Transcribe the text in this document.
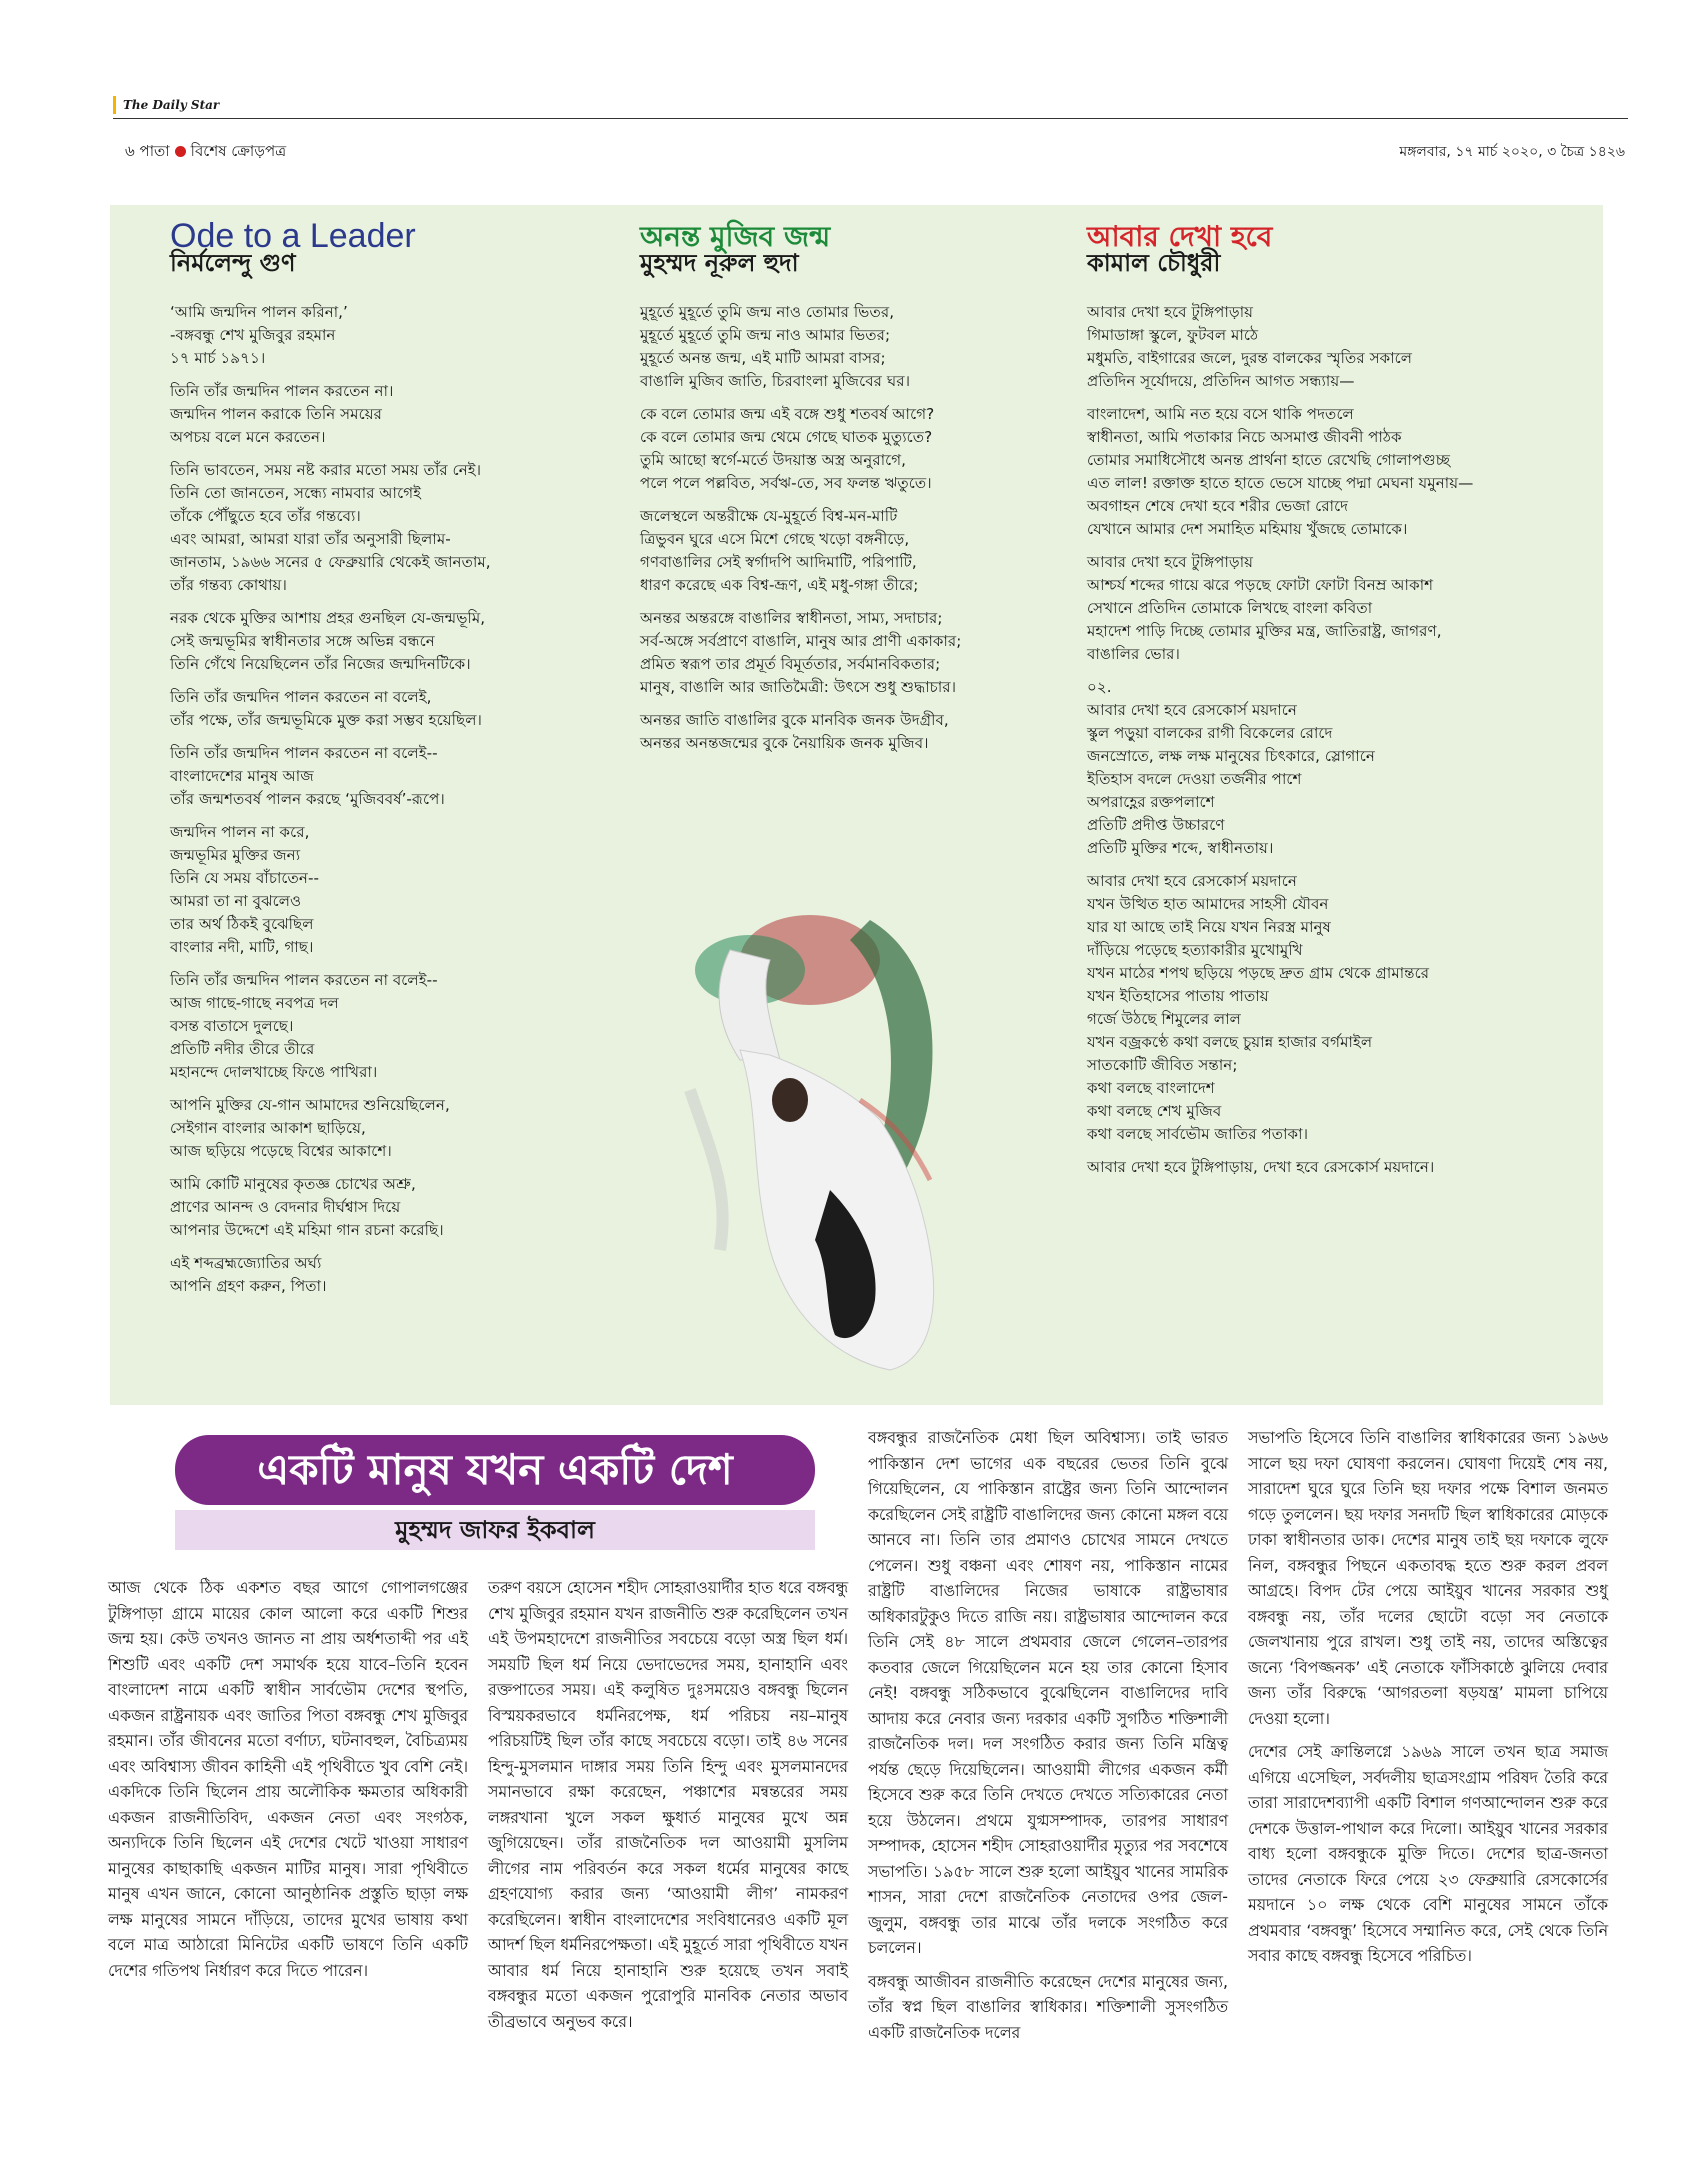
The Daily Star
৬ পাতা বিশেষ ক্রোড়পত্র	মঙ্গলবার, ১৭ মার্চ ২০২০, ৩ চৈত্র ১৪২৬

Ode to a Leader

নির্মলেন্দু গুণ

‘আমি জন্মদিন পালন করিনা,’
-বঙ্গবন্ধু শেখ মুজিবুর রহমান
১৭ মার্চ ১৯৭১।

তিনি তাঁর জন্মদিন পালন করতেন না।
জন্মদিন পালন করাকে তিনি সময়ের
অপচয় বলে মনে করতেন।

তিনি ভাবতেন, সময় নষ্ট করার মতো সময় তাঁর নেই।
তিনি তো জানতেন, সন্ধ্যে নামবার আগেই
তাঁকে পৌঁছুতে হবে তাঁর গন্তব্যে।
এবং আমরা, আমরা যারা তাঁর অনুসারী ছিলাম-
জানতাম, ১৯৬৬ সনের ৫ ফেব্রুয়ারি থেকেই জানতাম,
তাঁর গন্তব্য কোথায়।

নরক থেকে মুক্তির আশায় প্রহর গুনছিল যে-জন্মভূমি,
সেই জন্মভূমির স্বাধীনতার সঙ্গে অভিন্ন বন্ধনে
তিনি গেঁথে নিয়েছিলেন তাঁর নিজের জন্মদিনটিকে।

তিনি তাঁর জন্মদিন পালন করতেন না বলেই,
তাঁর পক্ষে, তাঁর জন্মভূমিকে মুক্ত করা সম্ভব হয়েছিল।

তিনি তাঁর জন্মদিন পালন করতেন না বলেই--
বাংলাদেশের মানুষ আজ
তাঁর জন্মশতবর্ষ পালন করছে ‘মুজিববর্ষ’-রূপে।

জন্মদিন পালন না করে,
জন্মভূমির মুক্তির জন্য
তিনি যে সময় বাঁচাতেন--
আমরা তা না বুঝলেও
তার অর্থ ঠিকই বুঝেছিল
বাংলার নদী, মাটি, গাছ।

তিনি তাঁর জন্মদিন পালন করতেন না বলেই--
আজ গাছে-গাছে নবপত্র দল
বসন্ত বাতাসে দুলছে।
প্রতিটি নদীর তীরে তীরে
মহানন্দে দোলখাচ্ছে ফিঙে পাখিরা।

আপনি মুক্তির যে-গান আমাদের শুনিয়েছিলেন,
সেইগান বাংলার আকাশ ছাড়িয়ে,
আজ ছড়িয়ে পড়েছে বিশ্বের আকাশে।

আমি কোটি মানুষের কৃতজ্ঞ চোখের অশ্রু,
প্রাণের আনন্দ ও বেদনার দীর্ঘশ্বাস দিয়ে
আপনার উদ্দেশে এই মহিমা গান রচনা করেছি।

এই শব্দব্রহ্মজ্যোতির অর্ঘ্য
আপনি গ্রহণ করুন, পিতা।

অনন্ত মুজিব জন্ম

মুহম্মদ নূরুল হুদা

মুহূর্তে মুহূর্তে তুমি জন্ম নাও তোমার ভিতর,
মুহূর্তে মুহূর্তে তুমি জন্ম নাও আমার ভিতর;
মুহূর্তে অনন্ত জন্ম, এই মাটি আমরা বাসর;
বাঙালি মুজিব জাতি, চিরবাংলা মুজিবের ঘর।

কে বলে তোমার জন্ম এই বঙ্গে শুধু শতবর্ষ আগে?
কে বলে তোমার জন্ম থেমে গেছে ঘাতক মুত্যুতে?
তুমি আছো স্বর্গে-মর্তে উদয়াস্ত অস্ত্র অনুরাগে,
পলে পলে পল্লবিত, সর্বঋ-তে, সব ফলন্ত ঋতুতে।

জলেস্থলে অন্তরীক্ষে যে-মুহূর্তে বিশ্ব-মন-মাটি
ত্রিভুবন ঘুরে এসে মিশে গেছে খড়ো বঙ্গনীড়ে,
গণবাঙালির সেই স্বর্গাদপি আদিমাটি, পরিপাটি,
ধারণ করেছে এক বিশ্ব-ভ্রূণ, এই মধু-গঙ্গা তীরে;

অনন্তর অন্তরঙ্গে বাঙালির স্বাধীনতা, সাম্য, সদাচার;
সর্ব-অঙ্গে সর্বপ্রাণে বাঙালি, মানুষ আর প্রাণী একাকার;
প্রমিত স্বরূপ তার প্রমূর্ত বিমূর্ততার, সর্বমানবিকতার;
মানুষ, বাঙালি আর জাতিমৈত্রী: উৎসে শুধু শুদ্ধাচার।

অনন্তর জাতি বাঙালির বুকে মানবিক জনক উদগ্রীব,
অনন্তর অনন্তজন্মের বুকে নৈয়ায়িক জনক মুজিব।

আবার দেখা হবে

কামাল চৌধুরী

আবার দেখা হবে টুঙ্গিপাড়ায়
গিমাডাঙ্গা স্কুলে, ফুটবল মাঠে
মধুমতি, বাইগারের জলে, দুরন্ত বালকের স্মৃতির সকালে
প্রতিদিন সূর্যোদয়ে, প্রতিদিন আগত সন্ধ্যায়—

বাংলাদেশ, আমি নত হয়ে বসে থাকি পদতলে
স্বাধীনতা, আমি পতাকার নিচে অসমাপ্ত জীবনী পাঠক
তোমার সমাধিসৌধে অনন্ত প্রার্থনা হাতে রেখেছি গোলাপগুচ্ছ
এত লাল! রক্তাক্ত হাতে হাতে ভেসে যাচ্ছে পদ্মা মেঘনা যমুনায়—
অবগাহন শেষে দেখা হবে শরীর ভেজা রোদে
যেখানে আমার দেশ সমাহিত মহিমায় খুঁজছে তোমাকে।

আবার দেখা হবে টুঙ্গিপাড়ায়
আশ্চর্য শব্দের গায়ে ঝরে পড়ছে ফোটা ফোটা বিনম্র আকাশ
সেখানে প্রতিদিন তোমাকে লিখছে বাংলা কবিতা
মহাদেশ পাড়ি দিচ্ছে তোমার মুক্তির মন্ত্র, জাতিরাষ্ট্র, জাগরণ,
বাঙালির ভোর।

০২.
আবার দেখা হবে রেসকোর্স ময়দানে
স্কুল পড়ুয়া বালকের রাগী বিকেলের রোদে
জনস্রোতে, লক্ষ লক্ষ মানুষের চিৎকারে, স্লোগানে
ইতিহাস বদলে দেওয়া তর্জনীর পাশে
অপরাহ্ণের রক্তপলাশে
প্রতিটি প্রদীপ্ত উচ্চারণে
প্রতিটি মুক্তির শব্দে, স্বাধীনতায়।

আবার দেখা হবে রেসকোর্স ময়দানে
যখন উত্থিত হাত আমাদের সাহসী যৌবন
যার যা আছে তাই নিয়ে যখন নিরস্ত্র মানুষ
দাঁড়িয়ে পড়েছে হত্যাকারীর মুখোমুখি
যখন মাঠের শপথ ছড়িয়ে পড়ছে দ্রুত গ্রাম থেকে গ্রামান্তরে
যখন ইতিহাসের পাতায় পাতায়
গর্জে উঠছে শিমুলের লাল
যখন বজ্রকণ্ঠে কথা বলছে চুয়ান্ন হাজার বর্গমাইল
সাতকোটি জীবিত সন্তান;
কথা বলছে বাংলাদেশ
কথা বলছে শেখ মুজিব
কথা বলছে সার্বভৌম জাতির পতাকা।

আবার দেখা হবে টুঙ্গিপাড়ায়, দেখা হবে রেসকোর্স ময়দানে।

একটি মানুষ যখন একটি দেশ
মুহম্মদ জাফর ইকবাল

আজ থেকে ঠিক একশত বছর আগে গোপালগঞ্জের টুঙ্গিপাড়া গ্রামে মায়ের কোল আলো করে একটি শিশুর জন্ম হয়। কেউ তখনও জানত না প্রায় অর্ধশতাব্দী পর এই শিশুটি এবং একটি দেশ সমার্থক হয়ে যাবে–তিনি হবেন বাংলাদেশ নামে একটি স্বাধীন সার্বভৌম দেশের স্থপতি, একজন রাষ্ট্রনায়ক এবং জাতির পিতা বঙ্গবন্ধু শেখ মুজিবুর রহমান। তাঁর জীবনের মতো বর্ণাঢ্য, ঘটনাবহুল, বৈচিত্র্যময় এবং অবিশ্বাস্য জীবন কাহিনী এই পৃথিবীতে খুব বেশি নেই। একদিকে তিনি ছিলেন প্রায় অলৌকিক ক্ষমতার অধিকারী একজন রাজনীতিবিদ, একজন নেতা এবং সংগঠক, অন্যদিকে তিনি ছিলেন এই দেশের খেটে খাওয়া সাধারণ মানুষের কাছাকাছি একজন মাটির মানুষ। সারা পৃথিবীতে মানুষ এখন জানে, কোনো আনুষ্ঠানিক প্রস্তুতি ছাড়া লক্ষ লক্ষ মানুষের সামনে দাঁড়িয়ে, তাদের মুখের ভাষায় কথা বলে মাত্র আঠারো মিনিটের একটি ভাষণে তিনি একটি দেশের গতিপথ নির্ধারণ করে দিতে পারেন।

তরুণ বয়সে হোসেন শহীদ সোহরাওয়ার্দীর হাত ধরে বঙ্গবন্ধু শেখ মুজিবুর রহমান যখন রাজনীতি শুরু করেছিলেন তখন এই উপমহাদেশে রাজনীতির সবচেয়ে বড়ো অস্ত্র ছিল ধর্ম। সময়টি ছিল ধর্ম নিয়ে ভেদাভেদের সময়, হানাহানি এবং রক্তপাতের সময়। এই কলুষিত দুঃসময়েও বঙ্গবন্ধু ছিলেন বিস্ময়করভাবে ধর্মনিরপেক্ষ, ধর্ম পরিচয় নয়–মানুষ পরিচয়টিই ছিল তাঁর কাছে সবচেয়ে বড়ো। তাই ৪৬ সনের হিন্দু-মুসলমান দাঙ্গার সময় তিনি হিন্দু এবং মুসলমানদের সমানভাবে রক্ষা করেছেন, পঞ্চাশের মন্বন্তরের সময় লঙ্গরখানা খুলে সকল ক্ষুধার্ত মানুষের মুখে অন্ন জুগিয়েছেন। তাঁর রাজনৈতিক দল আওয়ামী মুসলিম লীগের নাম পরিবর্তন করে সকল ধর্মের মানুষের কাছে গ্রহণযোগ্য করার জন্য ‘আওয়ামী লীগ’ নামকরণ করেছিলেন। স্বাধীন বাংলাদেশের সংবিধানেরও একটি মূল আদর্শ ছিল ধর্মনিরপেক্ষতা। এই মুহূর্তে সারা পৃথিবীতে যখন আবার ধর্ম নিয়ে হানাহানি শুরু হয়েছে তখন সবাই বঙ্গবন্ধুর মতো একজন পুরোপুরি মানবিক নেতার অভাব তীব্রভাবে অনুভব করে।

বঙ্গবন্ধুর রাজনৈতিক মেধা ছিল অবিশ্বাস্য। তাই ভারত পাকিস্তান দেশ ভাগের এক বছরের ভেতর তিনি বুঝে গিয়েছিলেন, যে পাকিস্তান রাষ্ট্রের জন্য তিনি আন্দোলন করেছিলেন সেই রাষ্ট্রটি বাঙালিদের জন্য কোনো মঙ্গল বয়ে আনবে না। তিনি তার প্রমাণও চোখের সামনে দেখতে পেলেন। শুধু বঞ্চনা এবং শোষণ নয়, পাকিস্তান নামের রাষ্ট্রটি বাঙালিদের নিজের ভাষাকে রাষ্ট্রভাষার অধিকারটুকুও দিতে রাজি নয়। রাষ্ট্রভাষার আন্দোলন করে তিনি সেই ৪৮ সালে প্রথমবার জেলে গেলেন–তারপর কতবার জেলে গিয়েছিলেন মনে হয় তার কোনো হিসাব নেই! বঙ্গবন্ধু সঠিকভাবে বুঝেছিলেন বাঙালিদের দাবি আদায় করে নেবার জন্য দরকার একটি সুগঠিত শক্তিশালী রাজনৈতিক দল। দল সংগঠিত করার জন্য তিনি মন্ত্রিত্ব পর্যন্ত ছেড়ে দিয়েছিলেন। আওয়ামী লীগের একজন কর্মী হিসেবে শুরু করে তিনি দেখতে দেখতে সত্যিকারের নেতা হয়ে উঠলেন। প্রথমে যুগ্মসম্পাদক, তারপর সাধারণ সম্পাদক, হোসেন শহীদ সোহরাওয়ার্দীর মৃত্যুর পর সবশেষে সভাপতি। ১৯৫৮ সালে শুরু হলো আইয়ুব খানের সামরিক শাসন, সারা দেশে রাজনৈতিক নেতাদের ওপর জেল-জুলুম, বঙ্গবন্ধু তার মাঝে তাঁর দলকে সংগঠিত করে চললেন।

বঙ্গবন্ধু আজীবন রাজনীতি করেছেন দেশের মানুষের জন্য, তাঁর স্বপ্ন ছিল বাঙালির স্বাধিকার। শক্তিশালী সুসংগঠিত একটি রাজনৈতিক দলের

সভাপতি হিসেবে তিনি বাঙালির স্বাধিকারের জন্য ১৯৬৬ সালে ছয় দফা ঘোষণা করলেন। ঘোষণা দিয়েই শেষ নয়, সারাদেশ ঘুরে ঘুরে তিনি ছয় দফার পক্ষে বিশাল জনমত গড়ে তুললেন। ছয় দফার সনদটি ছিল স্বাধিকারের মোড়কে ঢাকা স্বাধীনতার ডাক। দেশের মানুষ তাই ছয় দফাকে লুফে নিল, বঙ্গবন্ধুর পিছনে একতাবদ্ধ হতে শুরু করল প্রবল আগ্রহে। বিপদ টের পেয়ে আইয়ুব খানের সরকার শুধু বঙ্গবন্ধু নয়, তাঁর দলের ছোটো বড়ো সব নেতাকে জেলখানায় পুরে রাখল। শুধু তাই নয়, তাদের অস্তিত্বের জন্যে ‘বিপজ্জনক’ এই নেতাকে ফাঁসিকাষ্ঠে ঝুলিয়ে দেবার জন্য তাঁর বিরুদ্ধে ‘আগরতলা ষড়যন্ত্র’ মামলা চাপিয়ে দেওয়া হলো।

দেশের সেই ক্রান্তিলগ্নে ১৯৬৯ সালে তখন ছাত্র সমাজ এগিয়ে এসেছিল, সর্বদলীয় ছাত্রসংগ্রাম পরিষদ তৈরি করে তারা সারাদেশব্যাপী একটি বিশাল গণআন্দোলন শুরু করে দেশকে উত্তাল-পাথাল করে দিলো। আইয়ুব খানের সরকার বাধ্য হলো বঙ্গবন্ধুকে মুক্তি দিতে। দেশের ছাত্র-জনতা তাদের নেতাকে ফিরে পেয়ে ২৩ ফেব্রুয়ারি রেসকোর্সের ময়দানে ১০ লক্ষ থেকে বেশি মানুষের সামনে তাঁকে প্রথমবার ‘বঙ্গবন্ধু’ হিসেবে সম্মানিত করে, সেই থেকে তিনি সবার কাছে বঙ্গবন্ধু হিসেবে পরিচিত।
